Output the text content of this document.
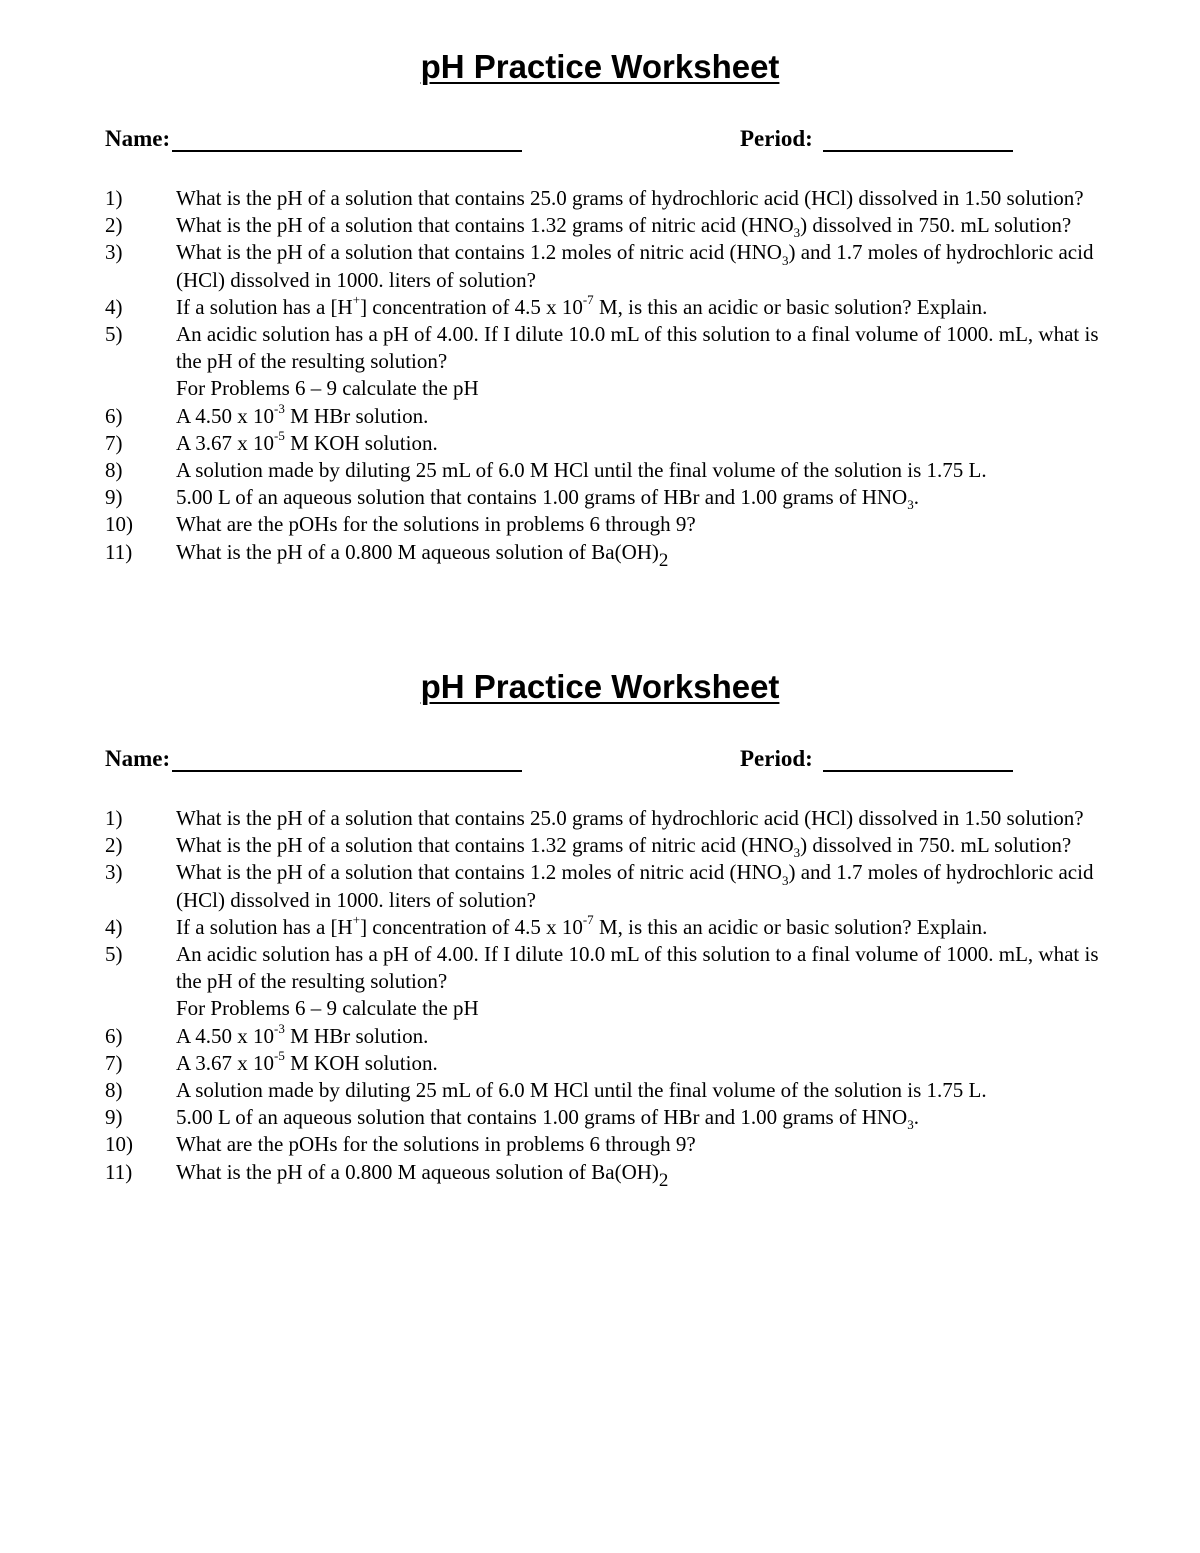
pH Practice Worksheet
Name:	Period:
1)	What is the pH of a solution that contains 25.0 grams of hydrochloric acid (HCl) dissolved in 1.50 solution?
2)	What is the pH of a solution that contains 1.32 grams of nitric acid $(HNO_3)$ dissolved in 750. mL solution?
3)	What is the pH of a solution that contains 1.2 moles of nitric acid $(HNO_3)$ and 1.7 moles of hydrochloric acid (HCl) dissolved in 1000. liters of solution?
4)	If a solution has a [H+] concentration of 4.5 x $10^{-7}$ M, is this an acidic or basic solution? Explain.
5)	An acidic solution has a pH of 4.00. If I dilute 10.0 mL of this solution to a final volume of 1000. mL, what is the pH of the resulting solution?
For Problems 6 – 9 calculate the pH
6)	A 4.50 x $10^{-3}$ M HBr solution.
7)	A 3.67 x $10^{-5}$ M KOH solution.
8)	A solution made by diluting 25 mL of 6.0 M HCl until the final volume of the solution is 1.75 L.
9)	5.00 L of an aqueous solution that contains 1.00 grams of HBr and 1.00 grams of $HNO_3$.
10) What are the pOHs for the solutions in problems 6 through 9?
11) What is the pH of a 0.800 M aqueous solution of Ba(OH)2
pH Practice Worksheet
Name:	Period:
1)	What is the pH of a solution that contains 25.0 grams of hydrochloric acid (HCl) dissolved in 1.50 solution?
2)	What is the pH of a solution that contains 1.32 grams of nitric acid $(HNO_3)$ dissolved in 750. mL solution?
3)	What is the pH of a solution that contains 1.2 moles of nitric acid $(HNO_3)$ and 1.7 moles of hydrochloric acid (HCl) dissolved in 1000. liters of solution?
4)	If a solution has a [H+] concentration of 4.5 x $10^{-7}$ M, is this an acidic or basic solution? Explain.
5)	An acidic solution has a pH of 4.00. If I dilute 10.0 mL of this solution to a final volume of 1000. mL, what is the pH of the resulting solution?
For Problems 6 – 9 calculate the pH
6)	A 4.50 x $10^{-3}$ M HBr solution.
7)	A 3.67 x $10^{-5}$ M KOH solution.
8)	A solution made by diluting 25 mL of 6.0 M HCl until the final volume of the solution is 1.75 L.
9)	5.00 L of an aqueous solution that contains 1.00 grams of HBr and 1.00 grams of $HNO_3$.
10) What are the pOHs for the solutions in problems 6 through 9?
11) What is the pH of a 0.800 M aqueous solution of Ba(OH)2
